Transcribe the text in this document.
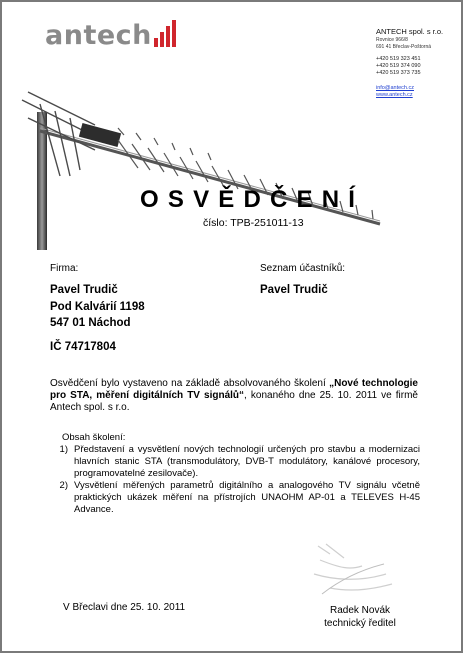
antech	ANTECH spol. s r.o.
Rovnice 966/8
691 41 Břeclav-Poštorná
+420 519 323 451
+420 519 374 090
+420 519 373 735
info@antech.cz
www.antech.cz
OSVĚDČENÍ
číslo: TPB-251011-13
Firma:	Seznam účastníků:
Pavel Trudič
Pod Kalvárií 1198
547 01 Náchod
IČ 74717804
Pavel Trudič
Osvědčení bylo vystaveno na základě absolvovaného školení „Nové technologie pro STA, měření digitálních TV signálů“, konaného dne 25. 10. 2011 ve firmě Antech spol. s r.o.
Obsah školení:
1) Představení a vysvětlení nových technologií určených pro stavbu a modernizaci hlavních stanic STA (transmodulátory, DVB-T modulátory, kanálové procesory, programovatelné zesilovače).
2) Vysvětlení měřených parametrů digitálního a analogového TV signálu včetně praktických ukázek měření na přístrojích UNAOHM AP-01 a TELEVES H-45 Advance.
V Břeclavi dne 25. 10. 2011	Radek Novák
technický ředitel
